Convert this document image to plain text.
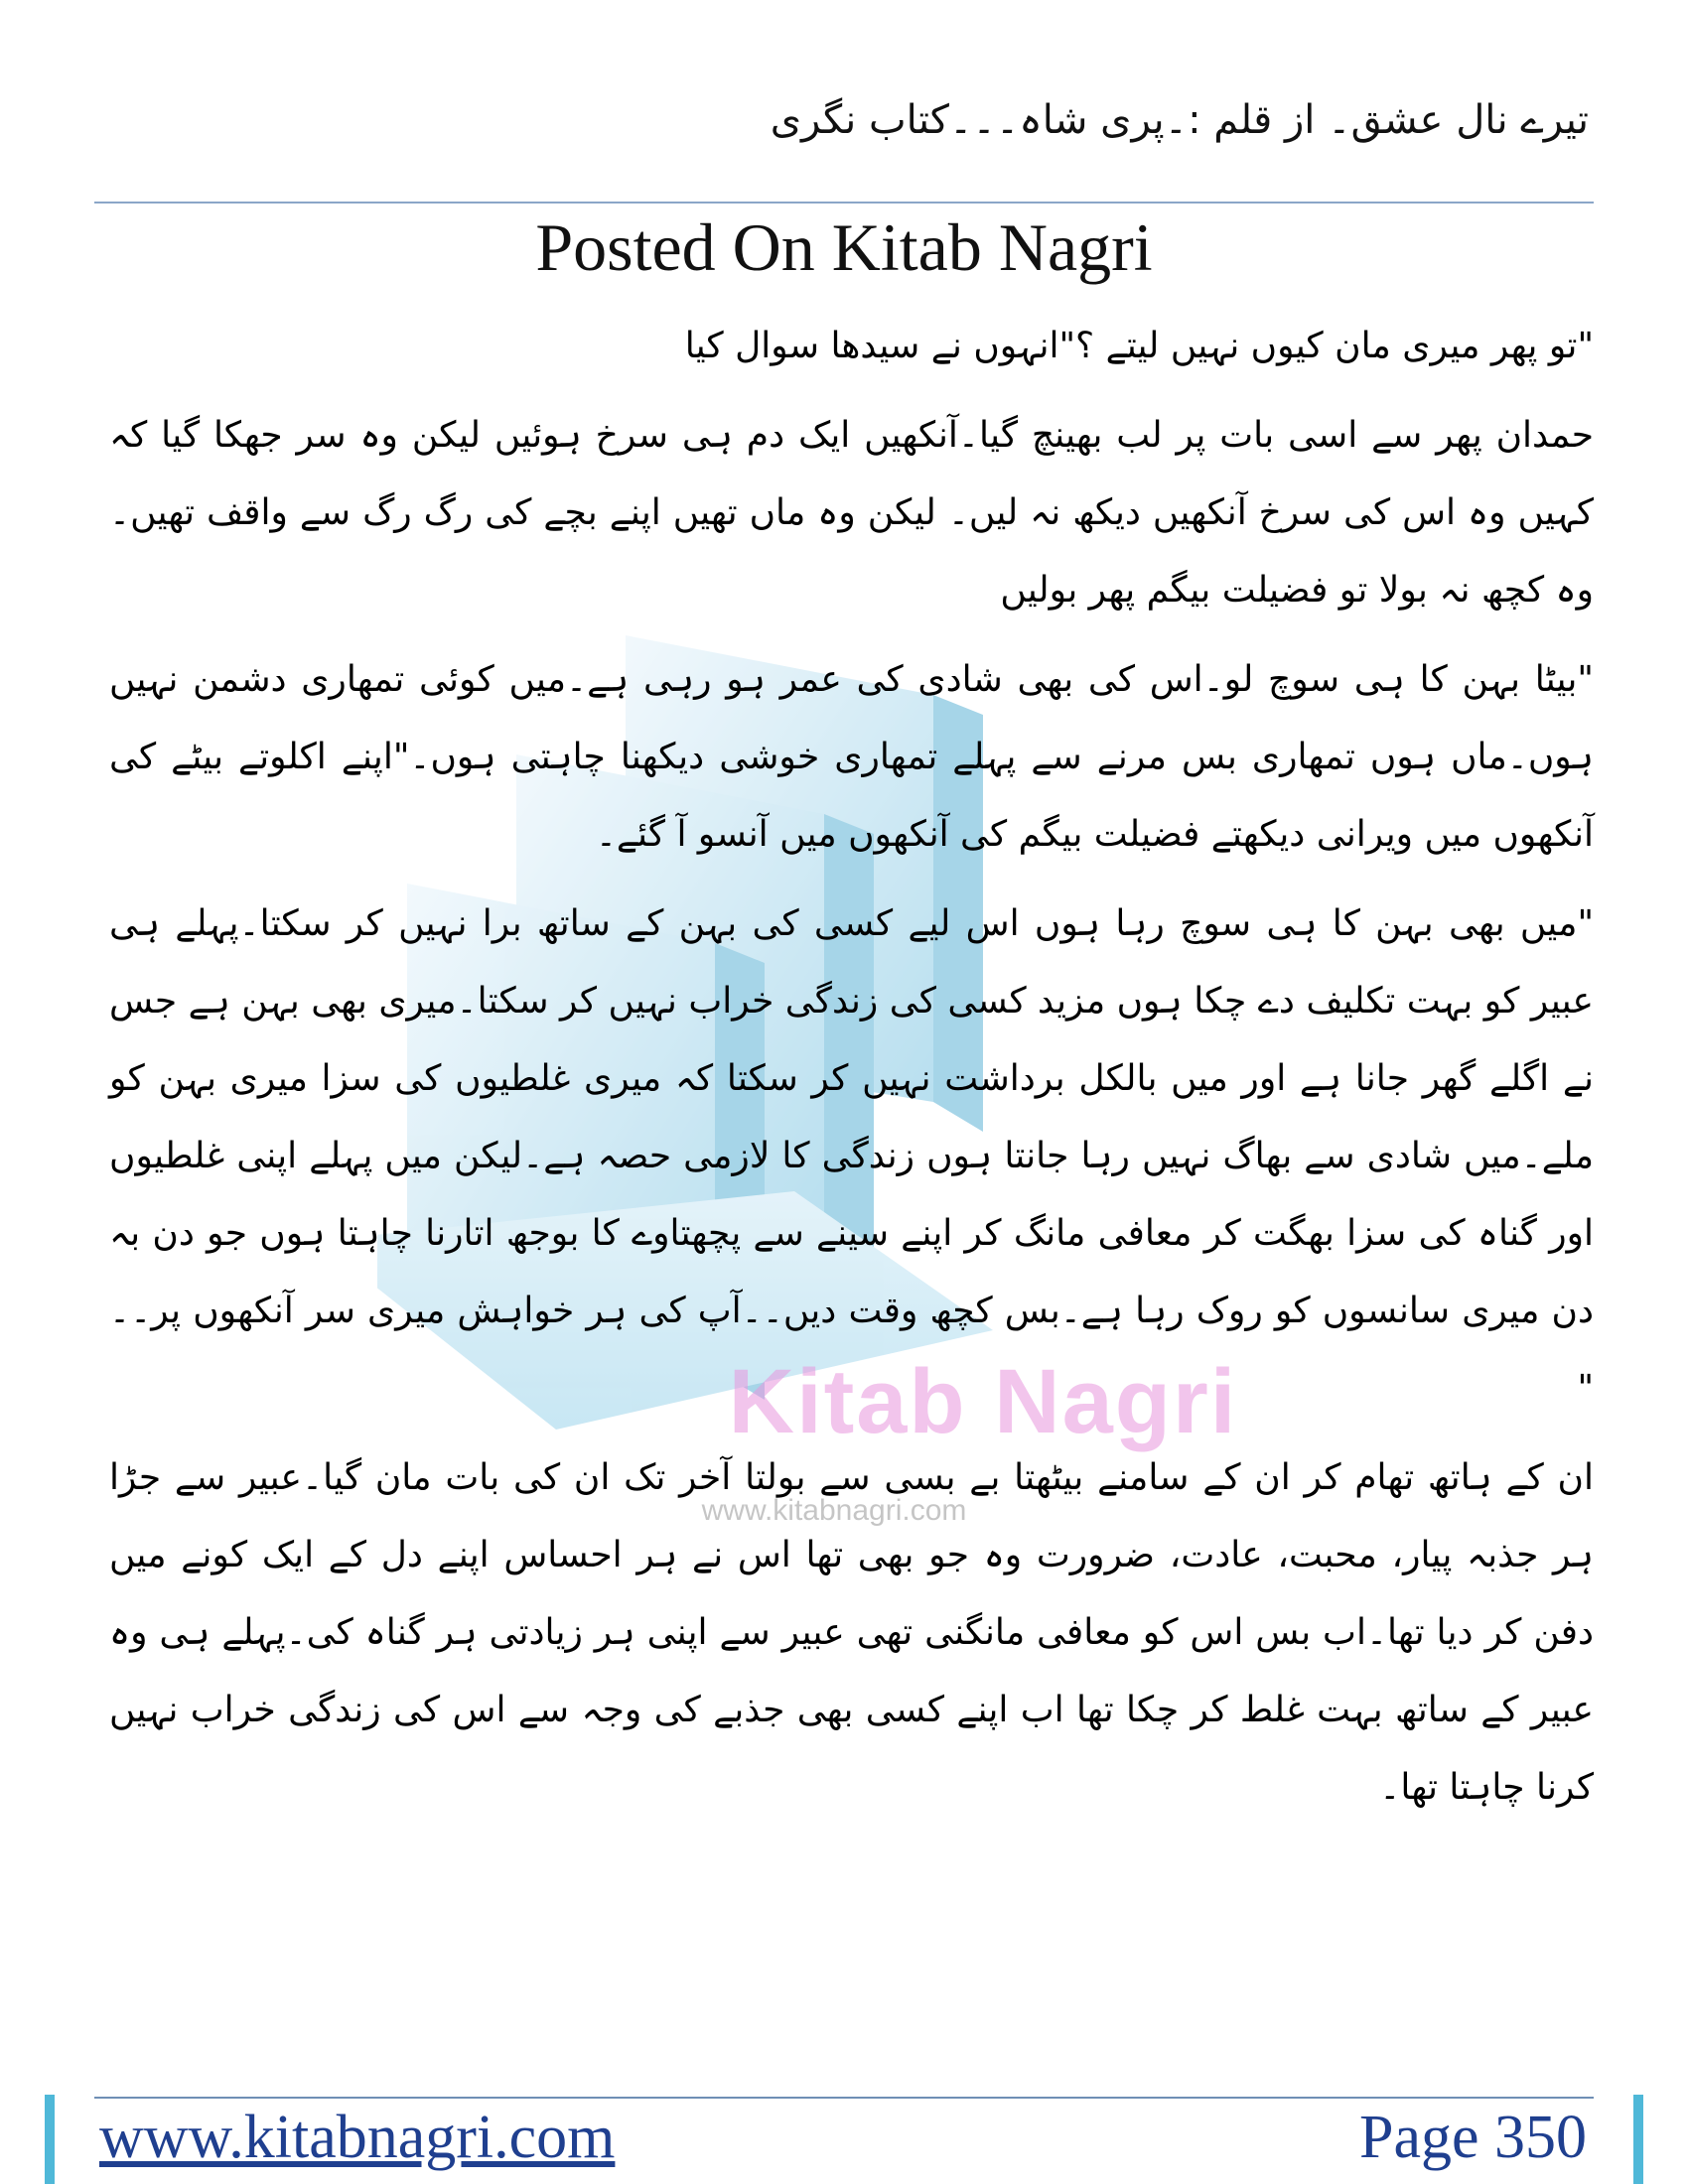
تیرے نال عشق۔ از قلم :۔پری شاہ۔۔۔کتاب نگری
Posted On Kitab Nagri
Kitab Nagri
www.kitabnagri.com

"تو پھر میری مان کیوں نہیں لیتے ؟"انہوں نے سیدھا سوال کیا

حمدان پھر سے اسی بات پر لب بھینچ گیا۔آنکھیں ایک دم ہی سرخ ہوئیں لیکن وہ سر جھکا گیا کہ کہیں وہ اس کی سرخ آنکھیں دیکھ نہ لیں۔ لیکن وہ ماں تھیں اپنے بچے کی رگ رگ سے واقف تھیں۔وہ کچھ نہ بولا تو فضیلت بیگم پھر بولیں

"بیٹا بہن کا ہی سوچ لو۔اس کی بھی شادی کی عمر ہو رہی ہے۔میں کوئی تمھاری دشمن نہیں ہوں۔ماں ہوں تمھاری بس مرنے سے پہلے تمھاری خوشی دیکھنا چاہتی ہوں۔"اپنے اکلوتے بیٹے کی آنکھوں میں ویرانی دیکھتے فضیلت بیگم کی آنکھوں میں آنسو آ گئے۔

"میں بھی بہن کا ہی سوچ رہا ہوں اس لیے کسی کی بہن کے ساتھ برا نہیں کر سکتا۔پہلے ہی عبیر کو بہت تکلیف دے چکا ہوں مزید کسی کی زندگی خراب نہیں کر سکتا۔میری بھی بہن ہے جس نے اگلے گھر جانا ہے اور میں بالکل برداشت نہیں کر سکتا کہ میری غلطیوں کی سزا میری بہن کو ملے۔میں شادی سے بھاگ نہیں رہا جانتا ہوں زندگی کا لازمی حصہ ہے۔لیکن میں پہلے اپنی غلطیوں اور گناہ کی سزا بھگت کر معافی مانگ کر اپنے سینے سے پچھتاوے کا بوجھ اتارنا چاہتا ہوں جو دن بہ دن میری سانسوں کو روک رہا ہے۔بس کچھ وقت دیں۔۔آپ کی ہر خواہش میری سر آنکھوں پر۔۔ "

ان کے ہاتھ تھام کر ان کے سامنے بیٹھتا بے بسی سے بولتا آخر تک ان کی بات مان گیا۔عبیر سے جڑا ہر جذبہ پیار، محبت، عادت، ضرورت وہ جو بھی تھا اس نے ہر احساس اپنے دل کے ایک کونے میں دفن کر دیا تھا۔اب بس اس کو معافی مانگنی تھی عبیر سے اپنی ہر زیادتی ہر گناہ کی۔پہلے ہی وہ عبیر کے ساتھ بہت غلط کر چکا تھا اب اپنے کسی بھی جذبے کی وجہ سے اس کی زندگی خراب نہیں کرنا چاہتا تھا۔

www.kitabnagri.com	Page 350
